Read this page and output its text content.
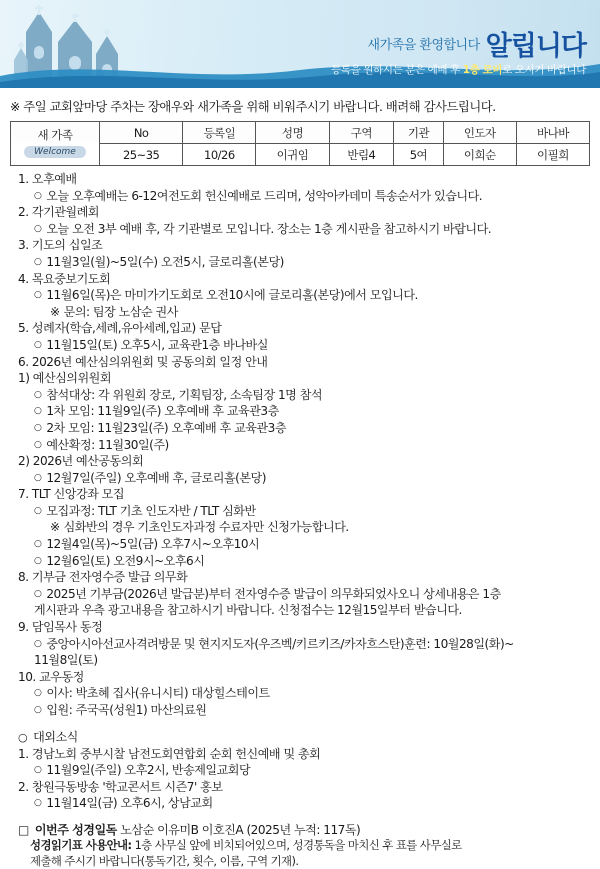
새가족을 환영합니다 알립니다
등록을 원하시는 분은 예배 후 1층 로비로 오시기 바랍니다
※ 주일 교회앞마당 주차는 장애우와 새가족을 위해 비워주시기 바랍니다. 배려해 감사드립니다.
새 가족
Welcome	No	등록일	성명	구역	기관	인도자	바나바
	25~35	10/26	이귀임	반림4	5여	이희순	이필희
1. 오후예배
○ 오늘 오후예배는 6-12여전도회 헌신예배로 드리며, 성악아카데미 특송순서가 있습니다.
2. 각기관월례회
○ 오늘 오전 3부 예배 후, 각 기관별로 모입니다. 장소는 1층 게시판을 참고하시기 바랍니다.
3. 기도의 십일조
○ 11월3일(월)~5일(수) 오전5시, 글로리홀(본당)
4. 목요중보기도회
○ 11월6일(목)은 마미가기도회로 오전10시에 글로리홀(본당)에서 모입니다.
※ 문의: 팀장 노삼순 권사
5. 성례자(학습,세례,유아세례,입교) 문답
○ 11월15일(토) 오후5시, 교육관1층 바나바실
6. 2026년 예산심의위원회 및 공동의회 일정 안내
1) 예산심의위원회
○ 참석대상: 각 위원회 장로, 기획팀장, 소속팀장 1명 참석
○ 1차 모임: 11월9일(주) 오후예배 후 교육관3층
○ 2차 모임: 11월23일(주) 오후예배 후 교육관3층
○ 예산확정: 11월30일(주)
2) 2026년 예산공동의회
○ 12월7일(주일) 오후예배 후, 글로리홀(본당)
7. TLT 신앙강좌 모집
○ 모집과정: TLT 기초 인도자반 / TLT 심화반
※ 심화반의 경우 기초인도자과정 수료자만 신청가능합니다.
○ 12월4일(목)~5일(금) 오후7시~오후10시
○ 12월6일(토) 오전9시~오후6시
8. 기부금 전자영수증 발급 의무화
○ 2025년 기부금(2026년 발급분)부터 전자영수증 발급이 의무화되었사오니 상세내용은 1층
게시판과 우측 광고내용을 참고하시기 바랍니다. 신청접수는 12월15일부터 받습니다.
9. 담임목사 동정
○ 중앙아시아선교사격려방문 및 현지지도자(우즈벡/키르키즈/카자흐스탄)훈련: 10월28일(화)~
11월8일(토)
10. 교우동정
○ 이사: 박초혜 집사(유니시티) 대상힐스테이트
○ 입원: 주국곡(성원1) 마산의료원
○ 대외소식
1. 경남노회 중부시찰 남전도회연합회 순회 헌신예배 및 총회
○ 11월9일(주일) 오후2시, 반송제일교회당
2. 창원극동방송 '학교콘서트 시즌7' 홍보
○ 11월14일(금) 오후6시, 상남교회
□ 이번주 성경일독 노삼순 이유미B 이호진A (2025년 누적: 117독)
성경읽기표 사용안내: 1층 사무실 앞에 비치되어있으며, 성경통독을 마치신 후 표를 사무실로
제출해 주시기 바랍니다(통독기간, 횟수, 이름, 구역 기재).
